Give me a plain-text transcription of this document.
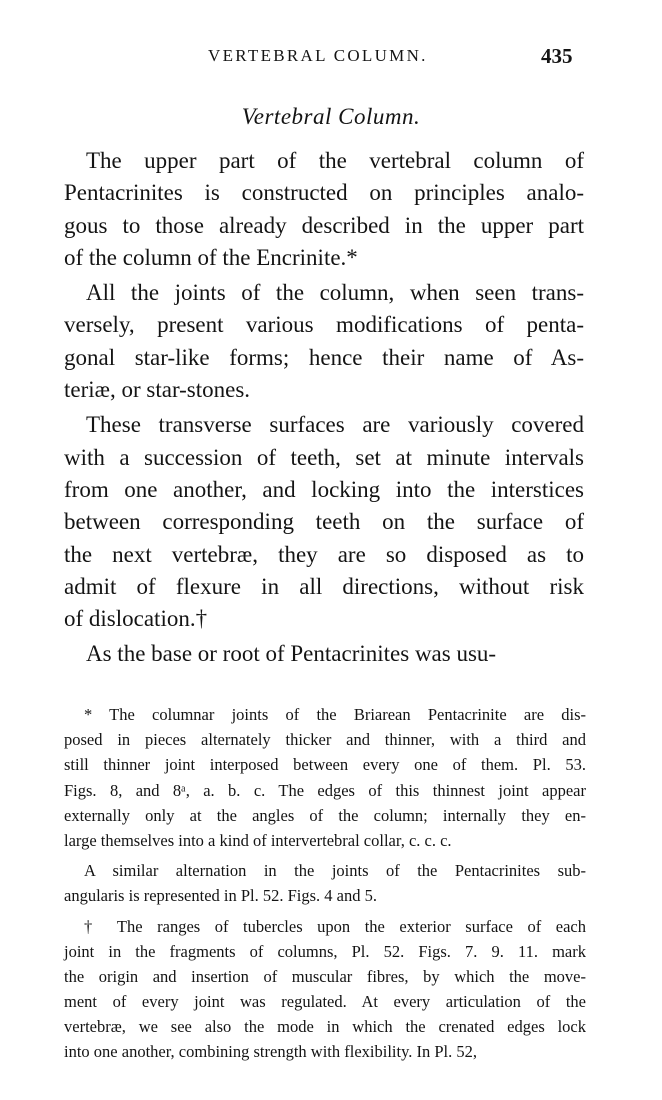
VERTEBRAL COLUMN.	435
Vertebral Column.
The upper part of the vertebral column of
Pentacrinites is constructed on principles analo-
gous to those already described in the upper part
of the column of the Encrinite.*
All the joints of the column, when seen trans-
versely, present various modifications of penta-
gonal star-like forms; hence their name of As-
teriæ, or star-stones.
These transverse surfaces are variously covered
with a succession of teeth, set at minute intervals
from one another, and locking into the interstices
between corresponding teeth on the surface of
the next vertebræ, they are so disposed as to
admit of flexure in all directions, without risk
of dislocation.†
As the base or root of Pentacrinites was usu-
* The columnar joints of the Briarean Pentacrinite are dis-
posed in pieces alternately thicker and thinner, with a third and
still thinner joint interposed between every one of them. Pl. 53.
Figs. 8, and 8ᵃ, a. b. c. The edges of this thinnest joint appear
externally only at the angles of the column; internally they en-
large themselves into a kind of intervertebral collar, c. c. c.
A similar alternation in the joints of the Pentacrinites sub-
angularis is represented in Pl. 52. Figs. 4 and 5.
† The ranges of tubercles upon the exterior surface of each
joint in the fragments of columns, Pl. 52. Figs. 7. 9. 11. mark
the origin and insertion of muscular fibres, by which the move-
ment of every joint was regulated. At every articulation of the
vertebræ, we see also the mode in which the crenated edges lock
into one another, combining strength with flexibility. In Pl. 52,
